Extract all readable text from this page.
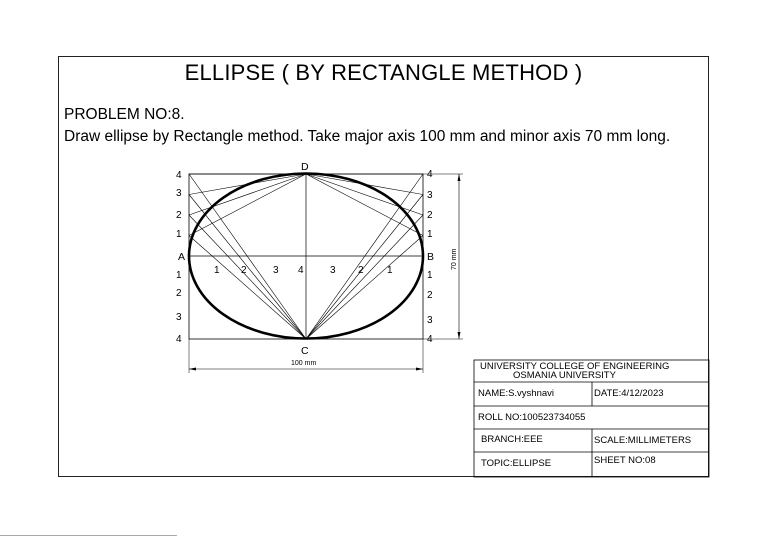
ELLIPSE ( BY RECTANGLE METHOD )
PROBLEM NO:8.
Draw ellipse by Rectangle method. Take major axis 100 mm and minor axis 70 mm long.
A	B
C
D
4
3
2
1
1
2
3
4
4
3
2
1
1
2
3
4
1 2	3 4	3 2 1
100 mm
70 mm
UNIVERSITY COLLEGE OF ENGINEERING
OSMANIA UNIVERSITY
NAME:S.vyshnavi	DATE:4/12/2023
ROLL NO:100523734055
BRANCH:EEE	SCALE:MILLIMETERS
TOPIC:ELLIPSE	SHEET NO:08
